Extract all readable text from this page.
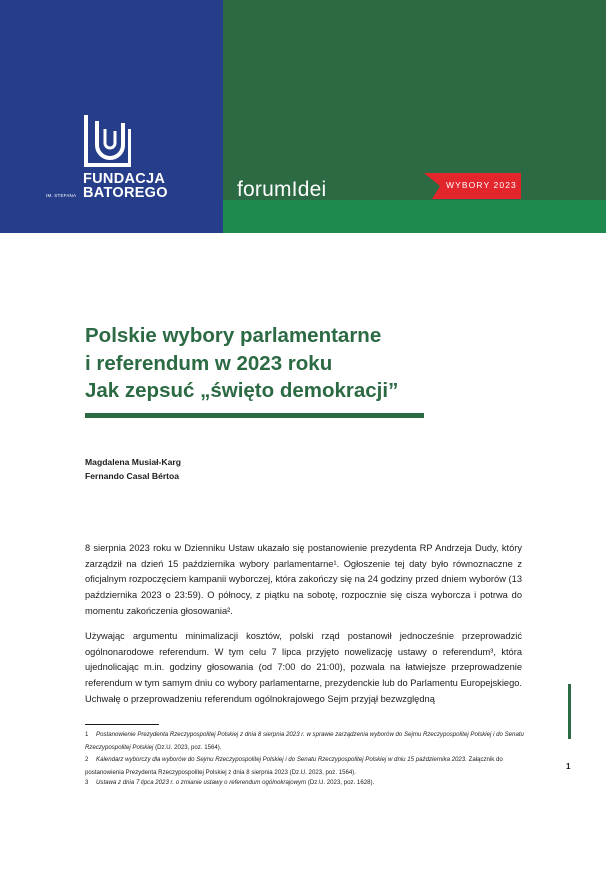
FUNDACJA
BATOREGO
IM. STEFANA	forumIdei	WYBORY 2023
Polskie wybory parlamentarne
i referendum w 2023 roku
Jak zepsuć „święto demokracji”
Magdalena Musiał-Karg
Fernando Casal Bértoa

8 sierpnia 2023 roku w Dzienniku Ustaw ukazało się postanowienie prezydenta RP Andrzeja Dudy, który zarządził na dzień 15 października wybory parlamentarne¹. Ogłoszenie tej daty było równoznaczne z oficjalnym rozpoczęciem kampanii wyborczej, która zakończy się na 24 godziny przed dniem wyborów (13 października 2023 o 23:59). O północy, z piątku na sobotę, rozpocznie się cisza wyborcza i potrwa do momentu zakończenia głosowania².

Używając argumentu minimalizacji kosztów, polski rząd postanowił jednocześnie przeprowadzić ogólnonarodowe referendum. W tym celu 7 lipca przyjęto nowelizację ustawy o referendum³, która ujednolicając m.in. godziny głosowania (od 7:00 do 21:00), pozwala na łatwiejsze przeprowadzenie referendum w tym samym dniu co wybory parlamentarne, prezydenckie lub do Parlamentu Europejskiego. Uchwałę o przeprowadzeniu referendum ogólnokrajowego Sejm przyjął bezwzględną

1 Postanowienie Prezydenta Rzeczypospolitej Polskiej z dnia 8 sierpnia 2023 r. w sprawie zarządzenia wyborów do Sejmu Rzeczypospolitej Polskiej i do Senatu Rzeczypospolitej Polskiej (Dz.U. 2023, poz. 1564).
2 Kalendarz wyborczy dla wyborów do Sejmu Rzeczypospolitej Polskiej i do Senatu Rzeczypospolitej Polskiej w dniu 15 października 2023. Załącznik do postanowienia Prezydenta Rzeczypospolitej Polskiej z dnia 8 sierpnia 2023 (Dz.U. 2023, poz. 1564).
3 Ustawa z dnia 7 lipca 2023 r. o zmianie ustawy o referendum ogólnokrajowym (Dz.U. 2023, poz. 1628).
1
